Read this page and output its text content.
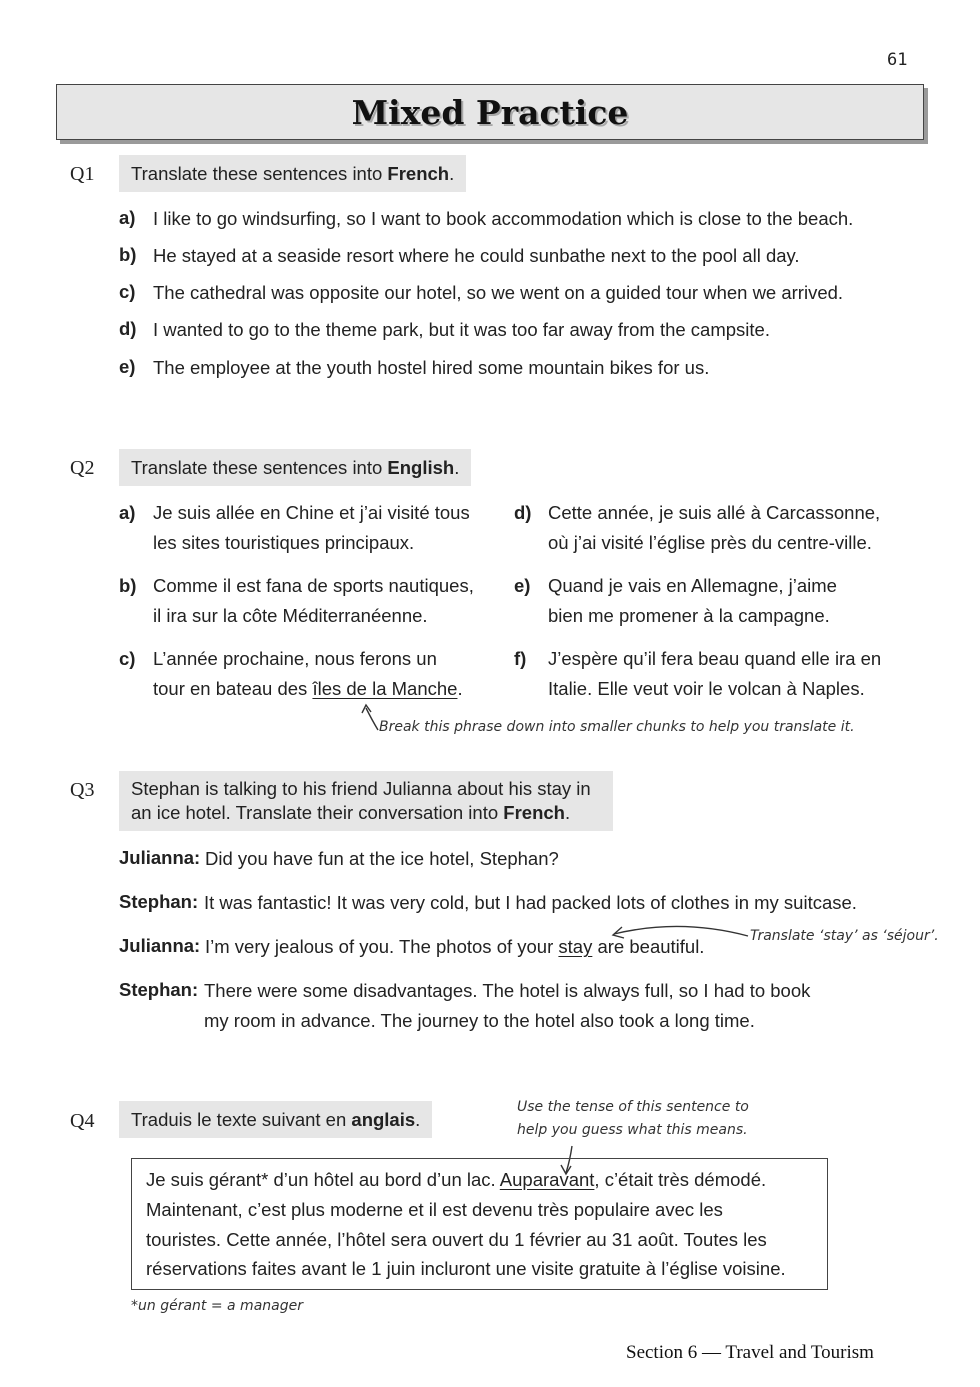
61
Mixed Practice
Q1	Translate these sentences into French.
a) I like to go windsurfing, so I want to book accommodation which is close to the beach.
b) He stayed at a seaside resort where he could sunbathe next to the pool all day.
c) The cathedral was opposite our hotel, so we went on a guided tour when we arrived.
d) I wanted to go to the theme park, but it was too far away from the campsite.
e) The employee at the youth hostel hired some mountain bikes for us.
Q2	Translate these sentences into English.
a) Je suis allée en Chine et j’ai visité tous
les sites touristiques principaux.
b) Comme il est fana de sports nautiques,
il ira sur la côte Méditerranéenne.
c) L’année prochaine, nous ferons un
tour en bateau des îles de la Manche.
d) Cette année, je suis allé à Carcassonne,
où j’ai visité l’église près du centre-ville.
e) Quand je vais en Allemagne, j’aime
bien me promener à la campagne.
f) J’espère qu’il fera beau quand elle ira en
Italie. Elle veut voir le volcan à Naples.
Break this phrase down into smaller chunks to help you translate it.
Q3 Stephan is talking to his friend Julianna about his stay in
an ice hotel. Translate their conversation into French.
Julianna: Did you have fun at the ice hotel, Stephan?
Stephan: It was fantastic! It was very cold, but I had packed lots of clothes in my suitcase.
Julianna: I’m very jealous of you. The photos of your stay are beautiful.	Translate ‘stay’ as ‘séjour’.
Stephan: There were some disadvantages. The hotel is always full, so I had to book
my room in advance. The journey to the hotel also took a long time.
Q4	Traduis le texte suivant en anglais.
Use the tense of this sentence to
help you guess what this means.
Je suis gérant* d’un hôtel au bord d’un lac. Auparavant, c’était très démodé.
Maintenant, c’est plus moderne et il est devenu très populaire avec les
touristes. Cette année, l’hôtel sera ouvert du 1 février au 31 août. Toutes les
réservations faites avant le 1 juin incluront une visite gratuite à l’église voisine.
*un gérant = a manager
Section 6 — Travel and Tourism
